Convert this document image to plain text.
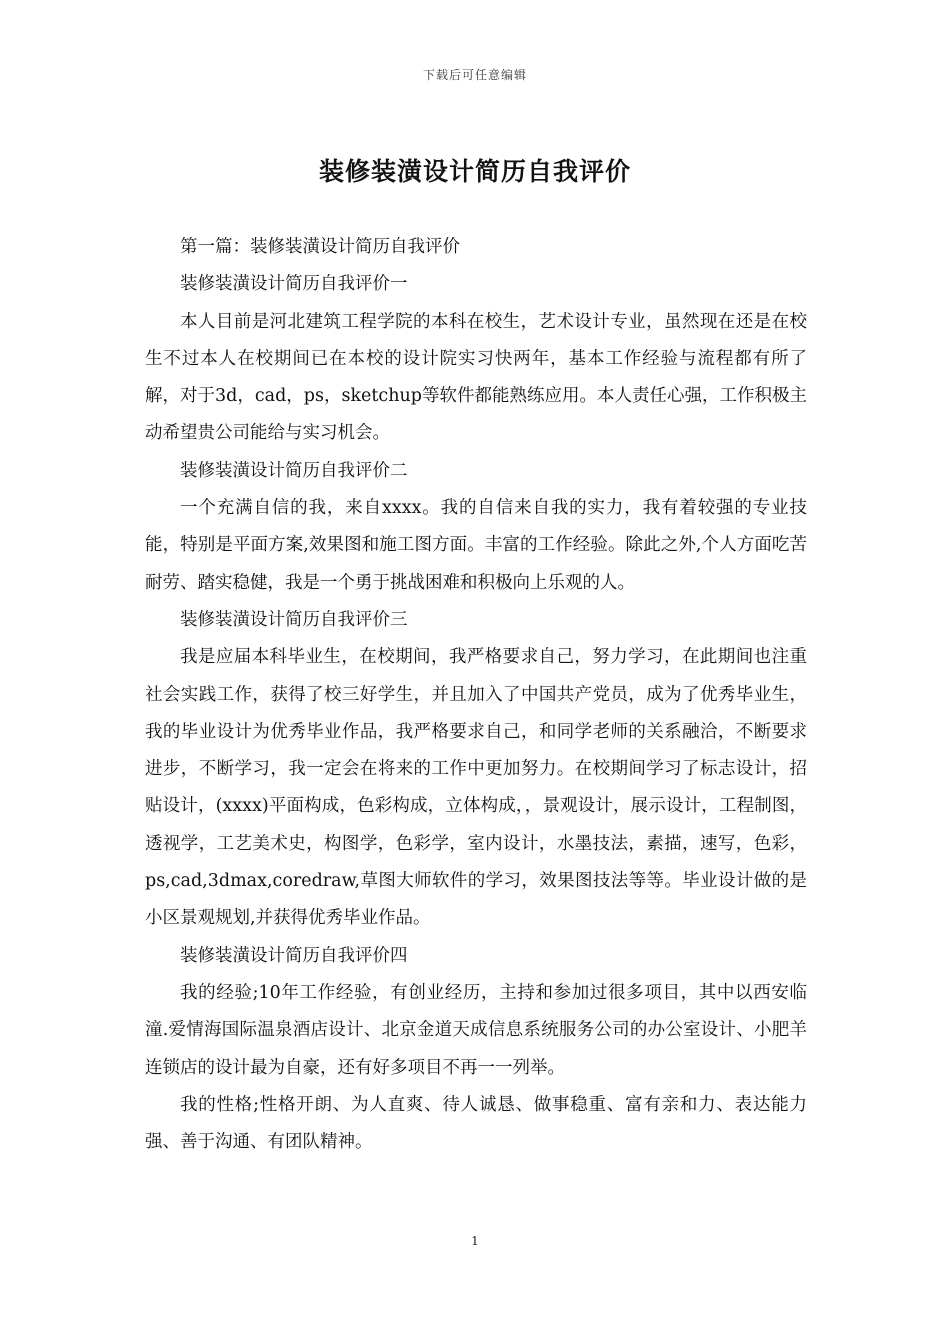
下载后可任意编辑
装修装潢设计简历自我评价

第一篇：装修装潢设计简历自我评价

装修装潢设计简历自我评价一

本人目前是河北建筑工程学院的本科在校生，艺术设计专业，虽然现在还是在校生不过本人在校期间已在本校的设计院实习快两年，基本工作经验与流程都有所了解，对于3d，cad，ps，sketchup等软件都能熟练应用。本人责任心强，工作积极主动希望贵公司能给与实习机会。

装修装潢设计简历自我评价二

一个充满自信的我，来自xxxx。我的自信来自我的实力，我有着较强的专业技能，特别是平面方案,效果图和施工图方面。丰富的工作经验。除此之外,个人方面吃苦耐劳、踏实稳健，我是一个勇于挑战困难和积极向上乐观的人。

装修装潢设计简历自我评价三

我是应届本科毕业生，在校期间，我严格要求自己，努力学习，在此期间也注重社会实践工作，获得了校三好学生，并且加入了中国共产党员，成为了优秀毕业生，我的毕业设计为优秀毕业作品，我严格要求自己，和同学老师的关系融洽，不断要求进步，不断学习，我一定会在将来的工作中更加努力。在校期间学习了标志设计，招贴设计，(xxxx)平面构成，色彩构成，立体构成，，景观设计，展示设计，工程制图，透视学，工艺美术史，构图学，色彩学，室内设计，水墨技法，素描，速写，色彩，ps,cad,3dmax,coredraw,草图大师软件的学习，效果图技法等等。毕业设计做的是小区景观规划,并获得优秀毕业作品。

装修装潢设计简历自我评价四

我的经验;10年工作经验，有创业经历，主持和参加过很多项目，其中以西安临潼.爱情海国际温泉酒店设计、北京金道天成信息系统服务公司的办公室设计、小肥羊连锁店的设计最为自豪，还有好多项目不再一一列举。

我的性格;性格开朗、为人直爽、待人诚恳、做事稳重、富有亲和力、表达能力强、善于沟通、有团队精神。

1
